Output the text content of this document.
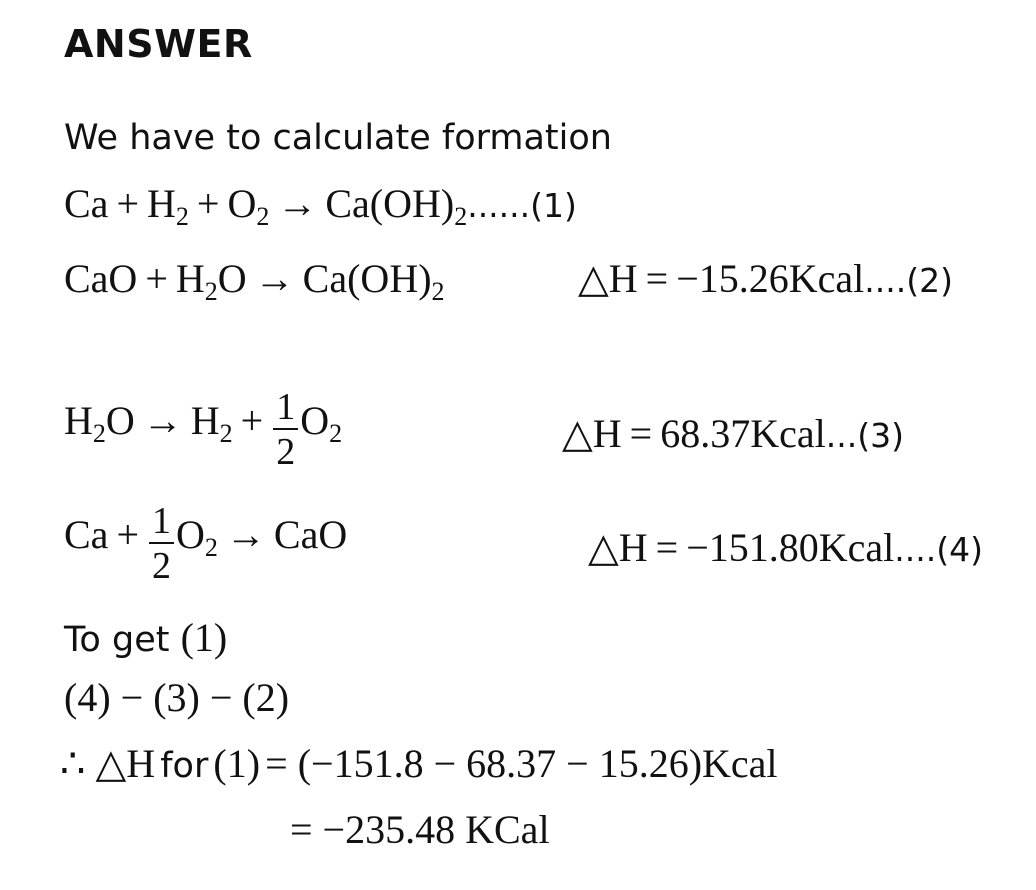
ANSWER
We have to calculate formation
$Ca + H_2 + O_2 \to Ca(OH)_2......(1)$
CaO + $H_2O \to Ca(OH)_2$	△H = −15.26Kcal....(2)
$H_2O \to H_2 + \frac{1}{2} O_2$	△H = 68.37Kcal...(3)
$Ca + \frac{1}{2} O_2$ → CaO	△H = −151.80Kcal....(4)
To get (1)
(4) − (3) − (2)
∴ △H for (1) = (−151.8 − 68.37 − 15.26)Kcal
= −235.48 KCal
